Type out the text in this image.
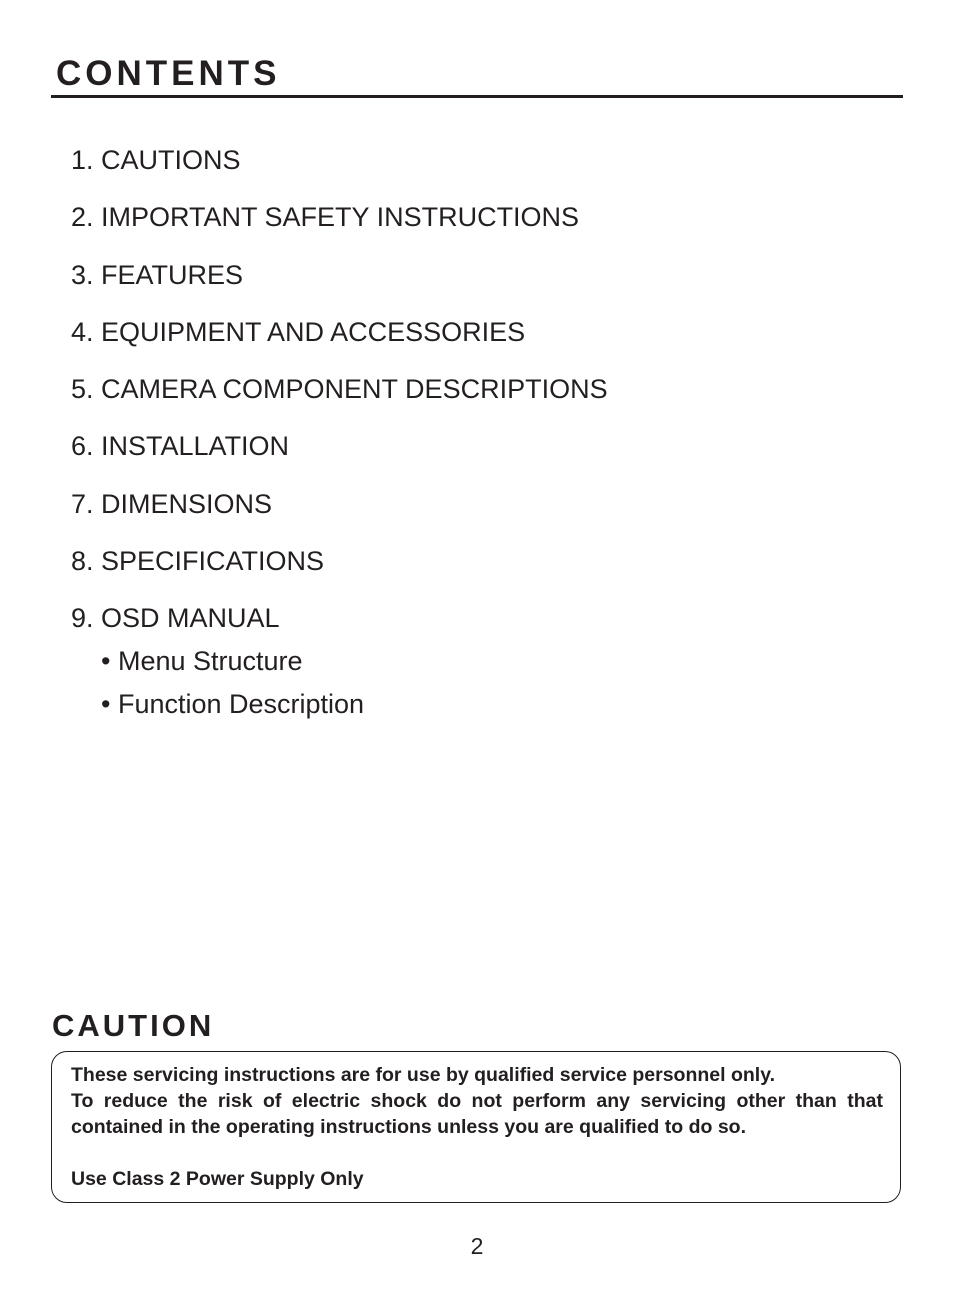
CONTENTS
1. CAUTIONS
2. IMPORTANT SAFETY INSTRUCTIONS
3. FEATURES
4. EQUIPMENT AND ACCESSORIES
5. CAMERA COMPONENT DESCRIPTIONS
6. INSTALLATION
7. DIMENSIONS
8. SPECIFICATIONS
9. OSD MANUAL
• Menu Structure
• Function Description
CAUTION

These servicing instructions are for use by qualified service personnel only.

To reduce the risk of electric shock do not perform any servicing other than that contained in the operating instructions unless you are qualified to do so.

Use Class 2 Power Supply Only

2
